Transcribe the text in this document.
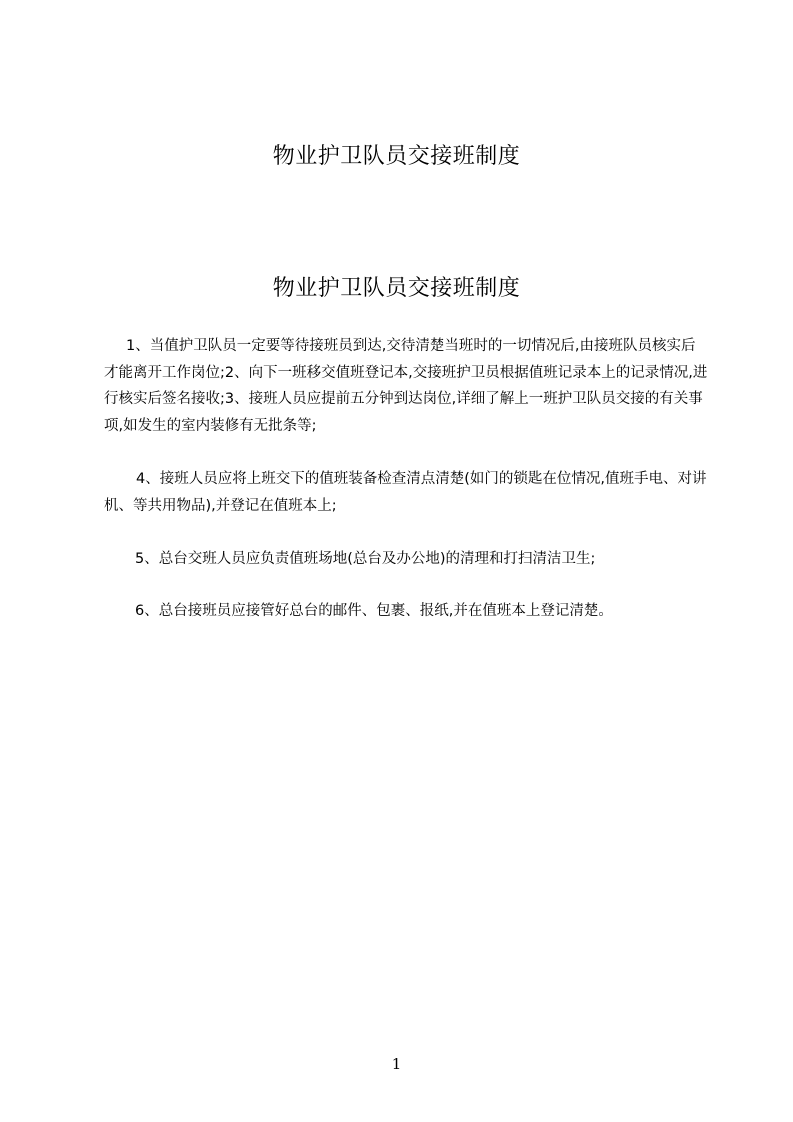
物业护卫队员交接班制度
物业护卫队员交接班制度

1、当值护卫队员一定要等待接班员到达,交待清楚当班时的一切情况后,由接班队员核实后才能离开工作岗位;2、向下一班移交值班登记本,交接班护卫员根据值班记录本上的记录情况,进行核实后签名接收;3、接班人员应提前五分钟到达岗位,详细了解上一班护卫队员交接的有关事项,如发生的室内装修有无批条等;

4、接班人员应将上班交下的值班装备检查清点清楚(如门的锁匙在位情况,值班手电、对讲机、等共用物品),并登记在值班本上;

5、总台交班人员应负责值班场地(总台及办公地)的清理和打扫清洁卫生;

6、总台接班员应接管好总台的邮件、包裹、报纸,并在值班本上登记清楚。

1
